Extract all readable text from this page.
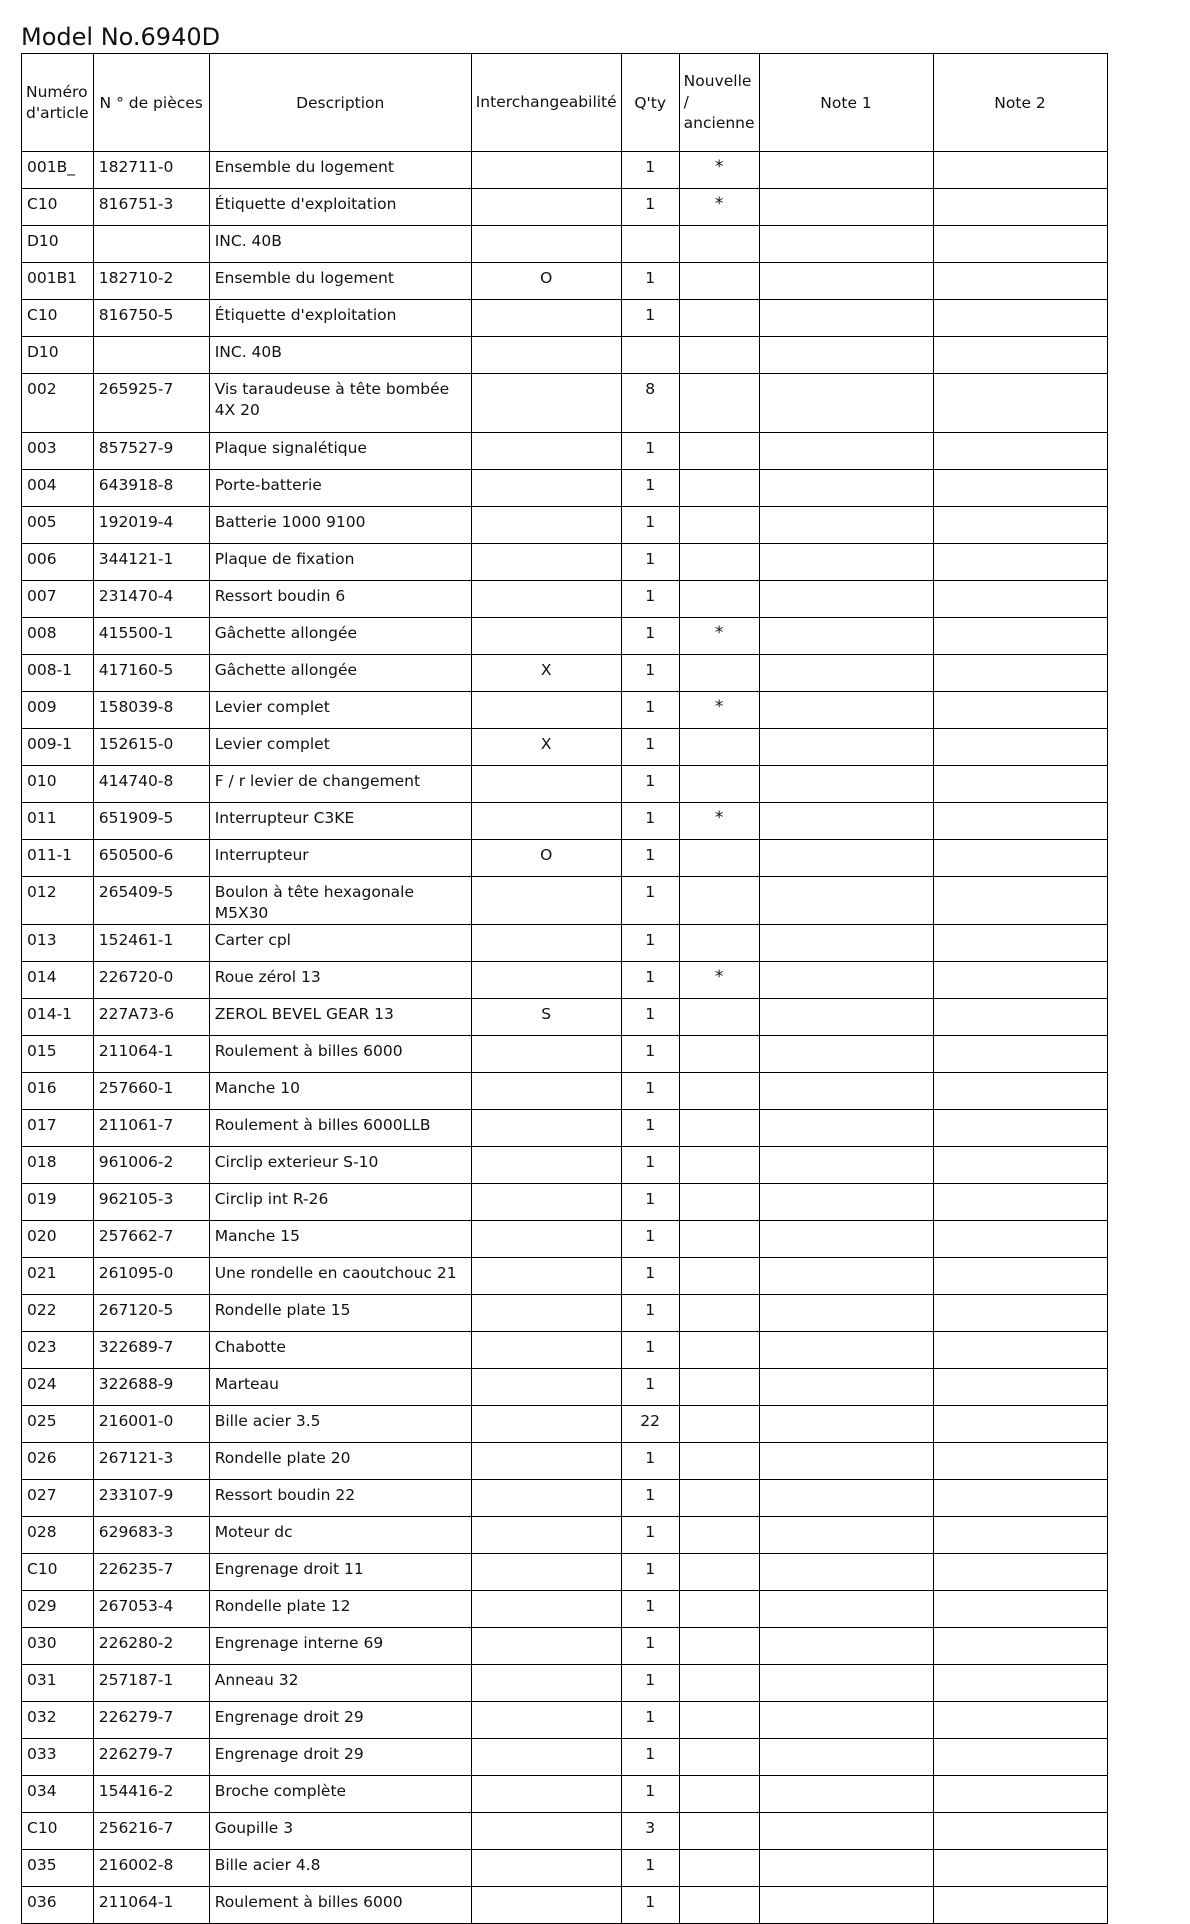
Model No.6940D
Numéro d'article	N ° de pièces	Description	Interchangeabilité	Q'ty	Nouvelle / ancienne	Note 1	Note 2
001B_	182711-0	Ensemble du logement		1	*		
C10	816751-3	Étiquette d'exploitation		1	*		
D10		INC. 40B					
001B1	182710-2	Ensemble du logement	O	1			
C10	816750-5	Étiquette d'exploitation		1			
D10		INC. 40B					
002	265925-7	Vis taraudeuse à tête bombée 4X 20		8			
003	857527-9	Plaque signalétique		1			
004	643918-8	Porte-batterie		1			
005	192019-4	Batterie 1000 9100		1			
006	344121-1	Plaque de fixation		1			
007	231470-4	Ressort boudin 6		1			
008	415500-1	Gâchette allongée		1	*		
008-1	417160-5	Gâchette allongée	X	1			
009	158039-8	Levier complet		1	*		
009-1	152615-0	Levier complet	X	1			
010	414740-8	F / r levier de changement		1			
011	651909-5	Interrupteur C3KE		1	*		
011-1	650500-6	Interrupteur	O	1			
012	265409-5	Boulon à tête hexagonale M5X30		1			
013	152461-1	Carter cpl		1			
014	226720-0	Roue zérol 13		1	*		
014-1	227A73-6	ZEROL BEVEL GEAR 13	S	1			
015	211064-1	Roulement à billes 6000		1			
016	257660-1	Manche 10		1			
017	211061-7	Roulement à billes 6000LLB		1			
018	961006-2	Circlip exterieur S-10		1			
019	962105-3	Circlip int R-26		1			
020	257662-7	Manche 15		1			
021	261095-0	Une rondelle en caoutchouc 21		1			
022	267120-5	Rondelle plate 15		1			
023	322689-7	Chabotte		1			
024	322688-9	Marteau		1			
025	216001-0	Bille acier 3.5		22			
026	267121-3	Rondelle plate 20		1			
027	233107-9	Ressort boudin 22		1			
028	629683-3	Moteur dc		1			
C10	226235-7	Engrenage droit 11		1			
029	267053-4	Rondelle plate 12		1			
030	226280-2	Engrenage interne 69		1			
031	257187-1	Anneau 32		1			
032	226279-7	Engrenage droit 29		1			
033	226279-7	Engrenage droit 29		1			
034	154416-2	Broche complète		1			
C10	256216-7	Goupille 3		3			
035	216002-8	Bille acier 4.8		1			
036	211064-1	Roulement à billes 6000		1			
